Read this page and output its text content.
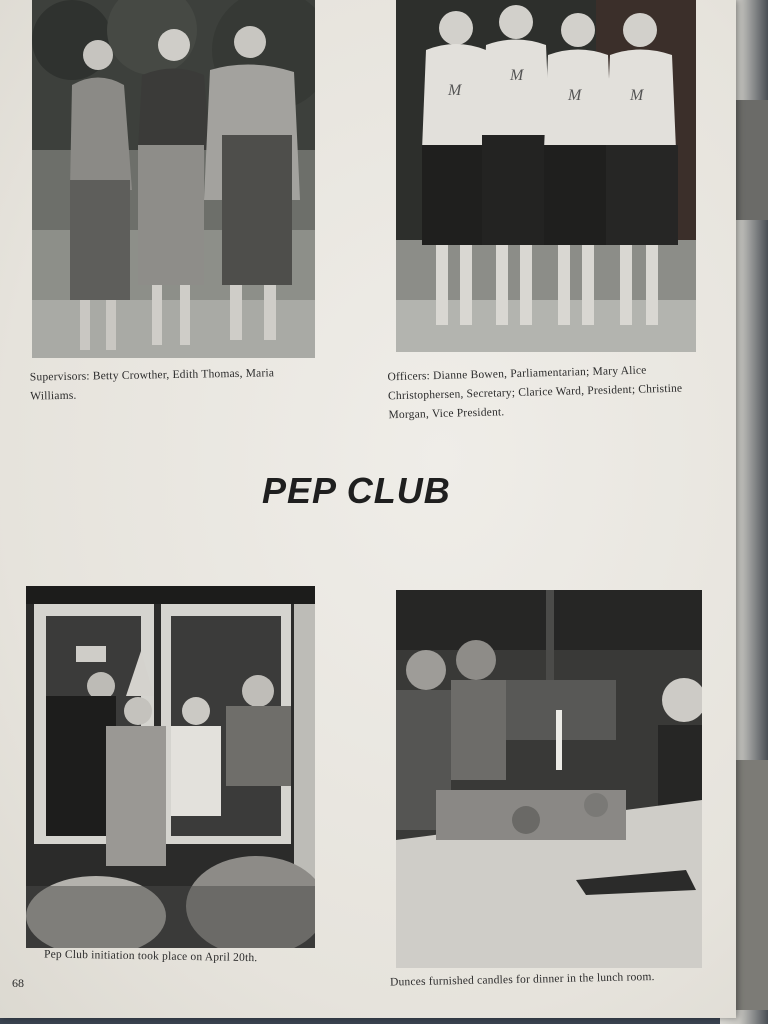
M
M
M	M
Supervisors: Betty Crowther, Edith Thomas, Maria Williams.
Officers: Dianne Bowen, Parliamentarian; Mary Alice Christophersen, Secretary; Clarice Ward, President; Christine Morgan, Vice President.
PEP CLUB
Pep Club initiation took place on April 20th.
Dunces furnished candles for dinner in the lunch room.
68
